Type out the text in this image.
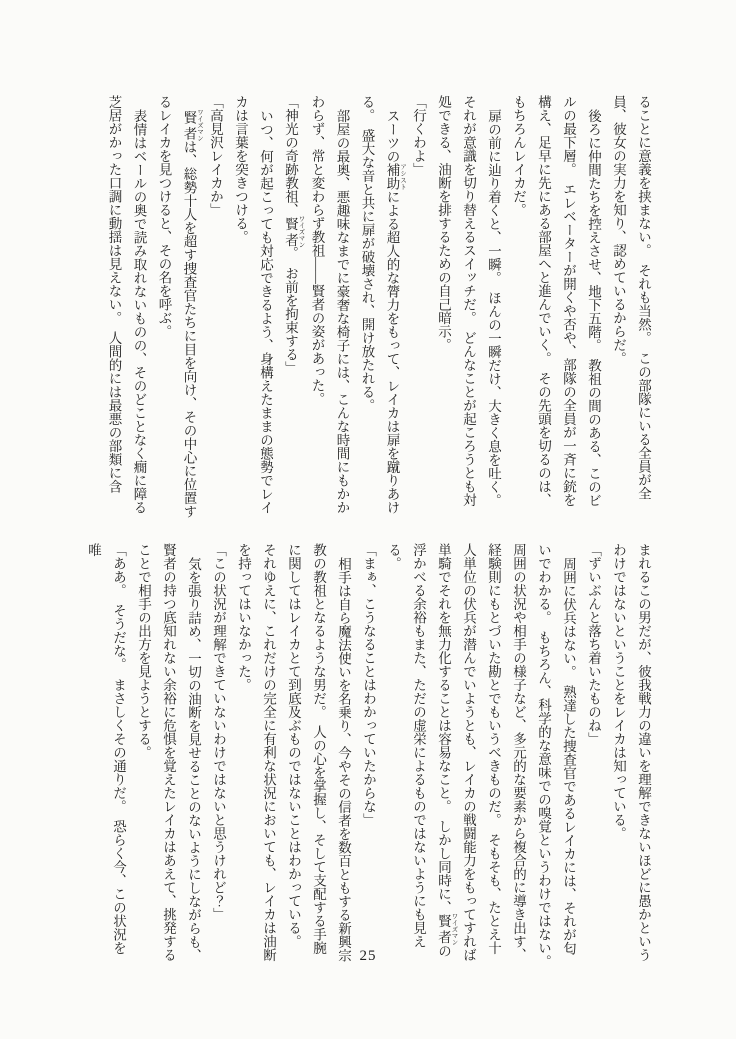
ることに意義を挟まない。　それも当然。　この部隊にいる全員が全員、彼女の実力を知り、認めているからだ。

後ろに仲間たちを控えさせ、地下五階。　教祖の間のある、このビルの最下層。　エレベーターが開くや否や、部隊の全員が一斉に銃を構え、足早に先にある部屋へと進んでいく。　その先頭を切るのは、もちろんレイカだ。

扉の前に辿り着くと、一瞬。　ほんの一瞬だけ、大きく息を吐く。　それが意識を切り替えるスイッチだ。　どんなことが起ころうとも対処できる、油断を排するための自己暗示。

「行くわよ」

スーツの補助 アシストによる超人的な膂力をもって、レイカは扉を蹴りあける。　盛大な音と共に扉が破壊され、開け放たれる。

部屋の最奥、悪趣味なまでに豪奢な椅子には、こんな時間にもかかわらず、常と変わらず教祖――賢者の姿があった。

「神光の奇跡教祖、賢者 ワイズマン。　お前を拘束する」

いつ、何が起こっても対応できるよう、身構えたままの態勢でレイカは言葉を突きつける。

「高見沢レイカか」

賢者 ワイズマンは、総勢十人を超す捜査官たちに目を向け、その中心に位置するレイカを見つけると、その名を呼ぶ。

表情はベールの奥で読み取れないものの、そのどことなく癇に障る芝居がかった口調に動揺は見えない。　人間的には最悪の部類に含

まれるこの男だが、彼我戦力の違いを理解できないほどに愚かというわけではないということをレイカは知っている。

「ずいぶんと落ち着いたものね」

周囲に伏兵はない。　熟達した捜査官であるレイカには、それが匂いでわかる。　もちろん、科学的な意味での嗅覚というわけではない。　周囲の状況や相手の様子など、多元的な要素から複合的に導き出す、経験則にもとづいた勘とでもいうべきものだ。　そもそも、たとえ十人単位の伏兵が潜んでいようとも、レイカの戦闘能力をもってすれば単騎でそれを無力化することは容易なこと。　しかし同時に、賢者 ワイズマンの浮かべる余裕もまた、ただの虚栄によるものではないようにも見える。

「まぁ、こうなることはわかっていたからな」

相手は自ら魔法使いを名乗り、今やその信者を数百ともする新興宗教の教祖となるような男だ。　人の心を掌握し、そして支配する手腕に関してはレイカとて到底及ぶものではないことはわかっている。　それゆえに、これだけの完全に有利な状況においても、レイカは油断を持ってはいなかった。

「この状況が理解できていないわけではないと思うけれど？」

気を張り詰め、一切の油断を見せることのないようにしながらも、賢者の持つ底知れない余裕に危惧を覚えたレイカはあえて、挑発することで相手の出方を見ようとする。

「ああ。　そうだな。　まさしくその通りだ。　恐らく今、この状況を唯

25
